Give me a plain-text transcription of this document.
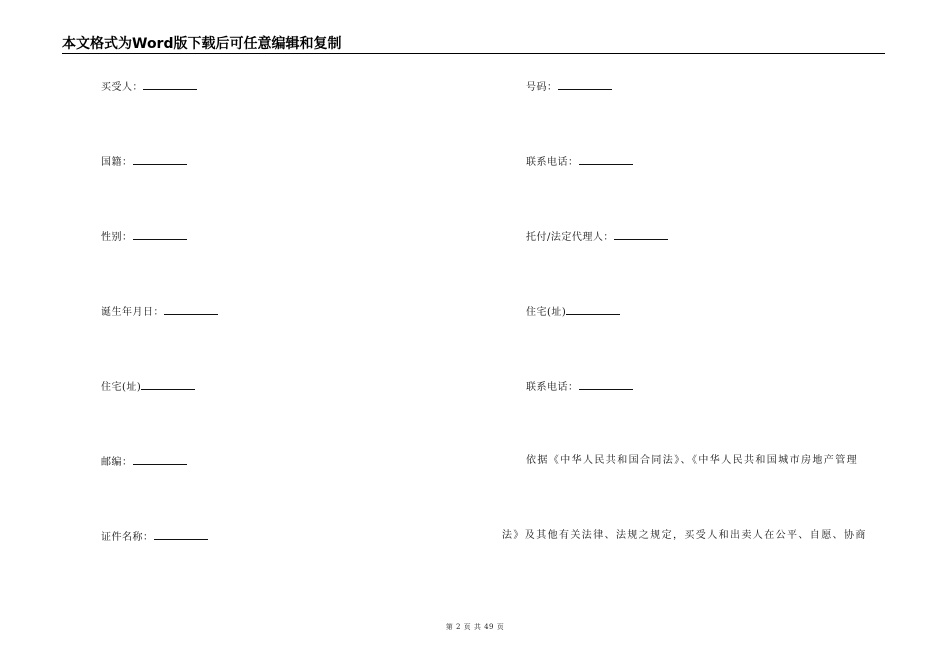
本文格式为Word版下载后可任意编辑和复制
买受人：
国籍：
性别：
诞生年月日：
住宅(址)
邮编：
证件名称：
号码：
联系电话：
托付/法定代理人：
住宅(址)
联系电话：
依据《中华人民共和国合同法》、《中华人民共和国城市房地产管理
法》及其他有关法律、法规之规定，买受人和出卖人在公平、自愿、协商
第 2 页 共 49 页
